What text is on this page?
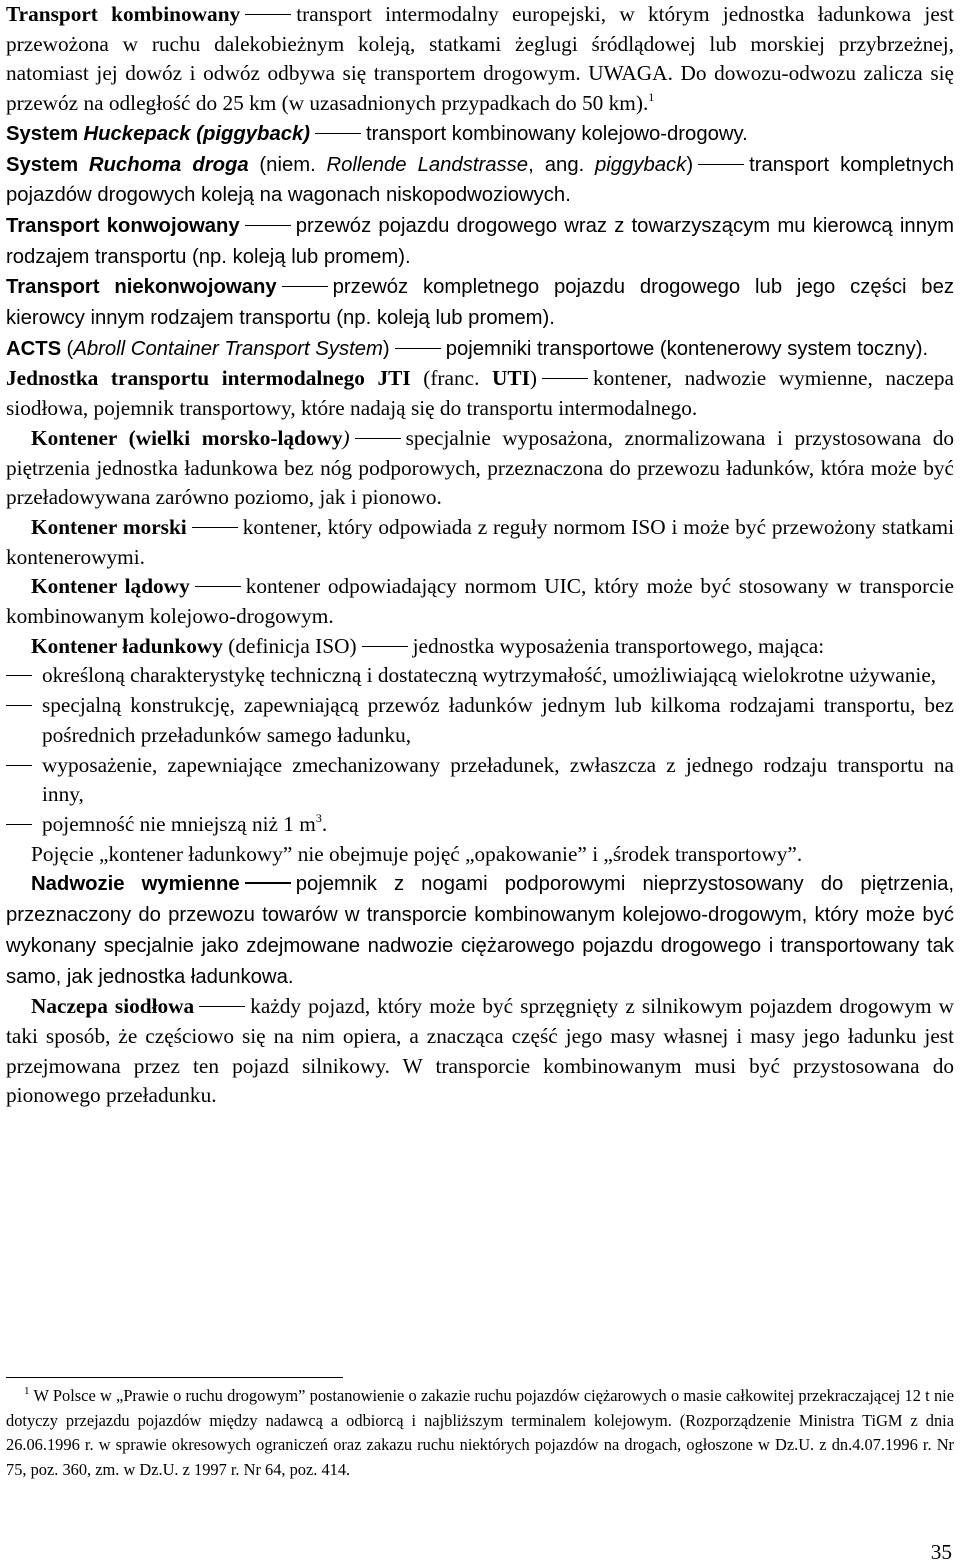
Transport kombinowany	transport intermodalny europejski, w którym jednostka ładunkowa jest przewożona w ruchu dalekobieżnym koleją, statkami żeglugi śródlądowej lub morskiej przybrzeżnej, natomiast jej dowóz i odwóz odbywa się transportem drogowym. UWAGA. Do dowozu-odwozu zalicza się przewóz na odległość do 25 km (w uzasadnionych przypadkach do 50 km).$^1$

System Huckepack (piggyback)	transport kombinowany kolejowo-drogowy.

System Ruchoma droga (niem. Rollende Landstrasse, ang. piggyback)	transport kompletnych pojazdów drogowych koleją na wagonach niskopodwoziowych.

Transport konwojowany	przewóz pojazdu drogowego wraz z towarzyszącym mu kierowcą innym rodzajem transportu (np. koleją lub promem).

Transport niekonwojowany	przewóz kompletnego pojazdu drogowego lub jego części bez kierowcy innym rodzajem transportu (np. koleją lub promem).

ACTS (Abroll Container Transport System)	pojemniki transportowe (kontenerowy system toczny).

Jednostka transportu intermodalnego JTI (franc. UTI)	kontener, nadwozie wymienne, naczepa siodłowa, pojemnik transportowy, które nadają się do transportu intermodalnego.

Kontener (wielki morsko-lądowy)	specjalnie wyposażona, znormalizowana i przystosowana do piętrzenia jednostka ładunkowa bez nóg podporowych, przeznaczona do przewozu ładunków, która może być przeładowywana zarówno poziomo, jak i pionowo.

Kontener morski	kontener, który odpowiada z reguły normom ISO i może być przewożony statkami kontenerowymi.

Kontener lądowy	kontener odpowiadający normom UIC, który może być stosowany w transporcie kombinowanym kolejowo-drogowym.

Kontener ładunkowy (definicja ISO)	jednostka wyposażenia transportowego, mająca:

określoną charakterystykę techniczną i dostateczną wytrzymałość, umożliwiającą wielokrotne używanie,
specjalną konstrukcję, zapewniającą przewóz ładunków jednym lub kilkoma rodzajami transportu, bez pośrednich przeładunków samego ładunku,
wyposażenie, zapewniające zmechanizowany przeładunek, zwłaszcza z jednego rodzaju transportu na inny,
pojemność nie mniejszą niż 1 $m^3$.

Pojęcie „kontener ładunkowy” nie obejmuje pojęć „opakowanie” i „środek transportowy”.

Nadwozie wymienne	pojemnik z nogami podporowymi nieprzystosowany do piętrzenia, przeznaczony do przewozu towarów w transporcie kombinowanym kolejowo-drogowym, który może być wykonany specjalnie jako zdejmowane nadwozie ciężarowego pojazdu drogowego i transportowany tak samo, jak jednostka ładunkowa.

Naczepa siodłowa	każdy pojazd, który może być sprzęgnięty z silnikowym pojazdem drogowym w taki sposób, że częściowo się na nim opiera, a znacząca część jego masy własnej i masy jego ładunku jest przejmowana przez ten pojazd silnikowy. W transporcie kombinowanym musi być przystosowana do pionowego przeładunku.

$^1$ W Polsce w „Prawie o ruchu drogowym” postanowienie o zakazie ruchu pojazdów ciężarowych o masie całkowitej przekraczającej 12 t nie dotyczy przejazdu pojazdów między nadawcą a odbiorcą i najbliższym terminalem kolejowym. (Rozporządzenie Ministra TiGM z dnia 26.06.1996 r. w sprawie okresowych ograniczeń oraz zakazu ruchu niektórych pojazdów na drogach, ogłoszone w Dz.U. z dn.4.07.1996 r. Nr 75, poz. 360, zm. w Dz.U. z 1997 r. Nr 64, poz. 414.

35
